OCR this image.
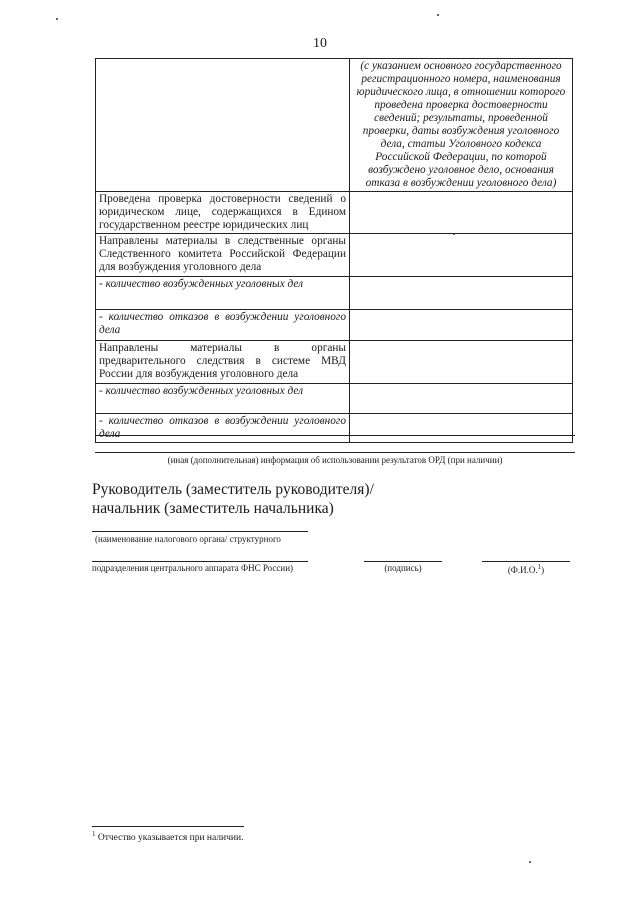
10
	(с указанием основного государственного регистрационного номера, наименования юридического лица, в отношении которого проведена проверка достоверности сведений; результаты, проведенной проверки, даты возбуждения уголовного дела, статьи Уголовного кодекса Российской Федерации, по которой возбуждено уголовное дело, основания отказа в возбуждении уголовного дела)
Проведена проверка достоверности сведений о юридическом лице, содержащихся в Едином государственном реестре юридических лиц	
Направлены материалы в следственные органы Следственного комитета Российской Федерации для возбуждения уголовного дела	
- количество возбужденных уголовных дел	
- количество отказов в возбуждении уголовного дела	
Направлены материалы в органы предварительного следствия в системе МВД России для возбуждения уголовного дела	
- количество возбужденных уголовных дел	
- количество отказов в возбуждении уголовного дела	
(иная (дополнительная) информация об использовании результатов ОРД (при наличии)
Руководитель (заместитель руководителя)/
начальник (заместитель начальника)
(наименование налогового органа/ структурного
подразделения центрального аппарата ФНС России)	(подпись)	(Ф.И.О.$^1$)
$^1$ Отчество указывается при наличии.
